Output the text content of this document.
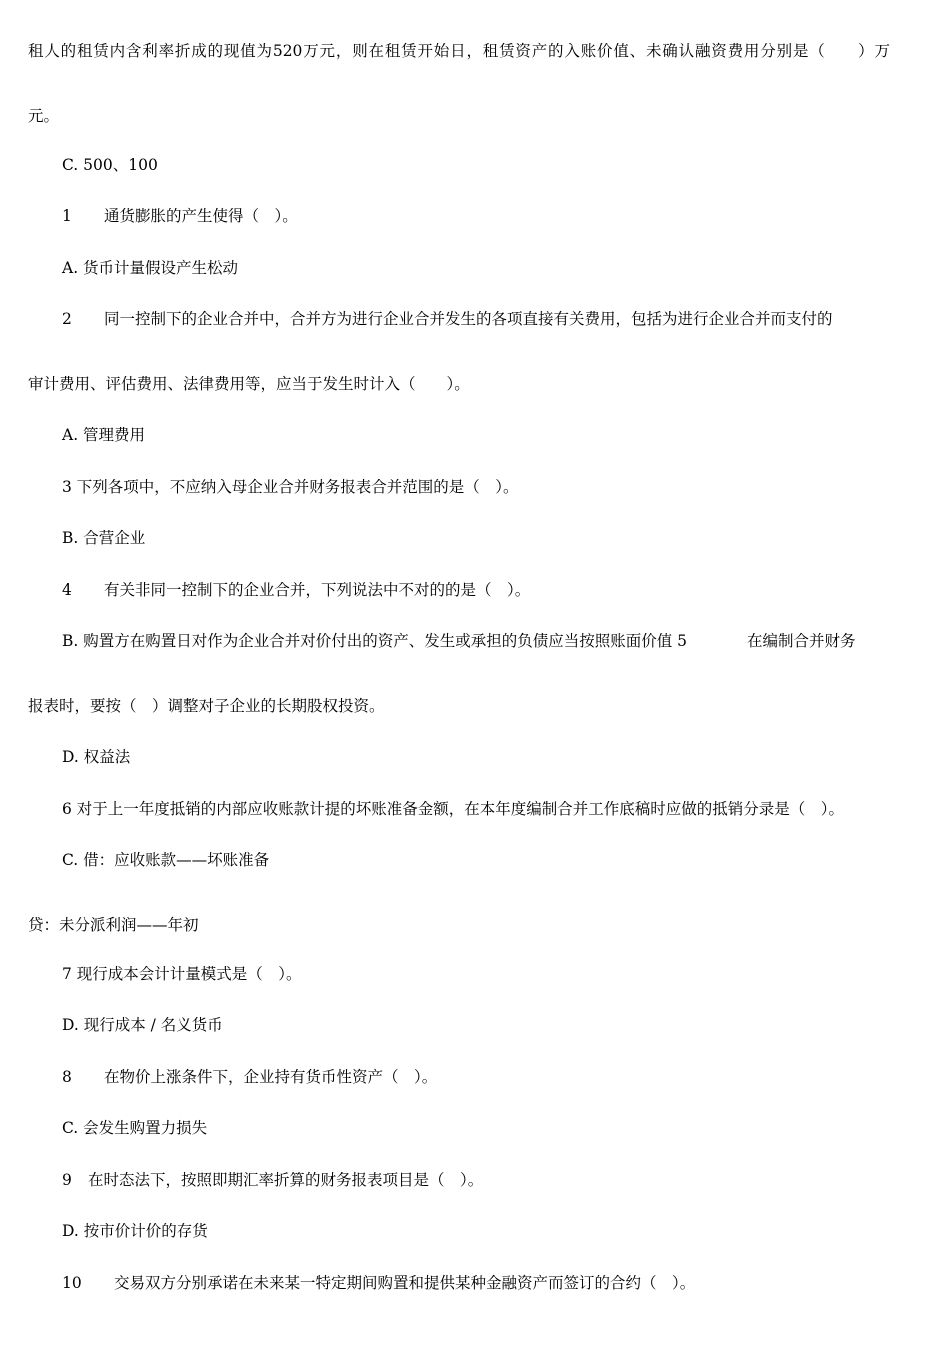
租人的租赁内含利率折成的现值为520万元，则在租赁开始日，租赁资产的入账价值、未确认融资费用分别是（　　）万
元。
C. 500、100
1 通货膨胀的产生使得（　）。
A. 货币计量假设产生松动
2 同一控制下的企业合并中，合并方为进行企业合并发生的各项直接有关费用，包括为进行企业合并而支付的
审计费用、评估费用、法律费用等，应当于发生时计入（　　）。
A. 管理费用
3 下列各项中，不应纳入母企业合并财务报表合并范围的是（　）。
B. 合营企业
4 有关非同一控制下的企业合并，下列说法中不对的的是（　）。
B. 购置方在购置日对作为企业合并对价付出的资产、发生或承担的负债应当按照账面价值 5	在编制合并财务
报表时，要按（　）调整对子企业的长期股权投资。
D. 权益法
6 对于上一年度抵销的内部应收账款计提的坏账准备金额，在本年度编制合并工作底稿时应做的抵销分录是（　）。
C. 借：应收账款——坏账准备
贷：未分派利润——年初
7 现行成本会计计量模式是（　）。
D. 现行成本 / 名义货币
8 在物价上涨条件下，企业持有货币性资产（　）。
C. 会发生购置力损失
9 在时态法下，按照即期汇率折算的财务报表项目是（　）。
D. 按市价计价的存货
10 交易双方分别承诺在未来某一特定期间购置和提供某种金融资产而签订的合约（　）。
